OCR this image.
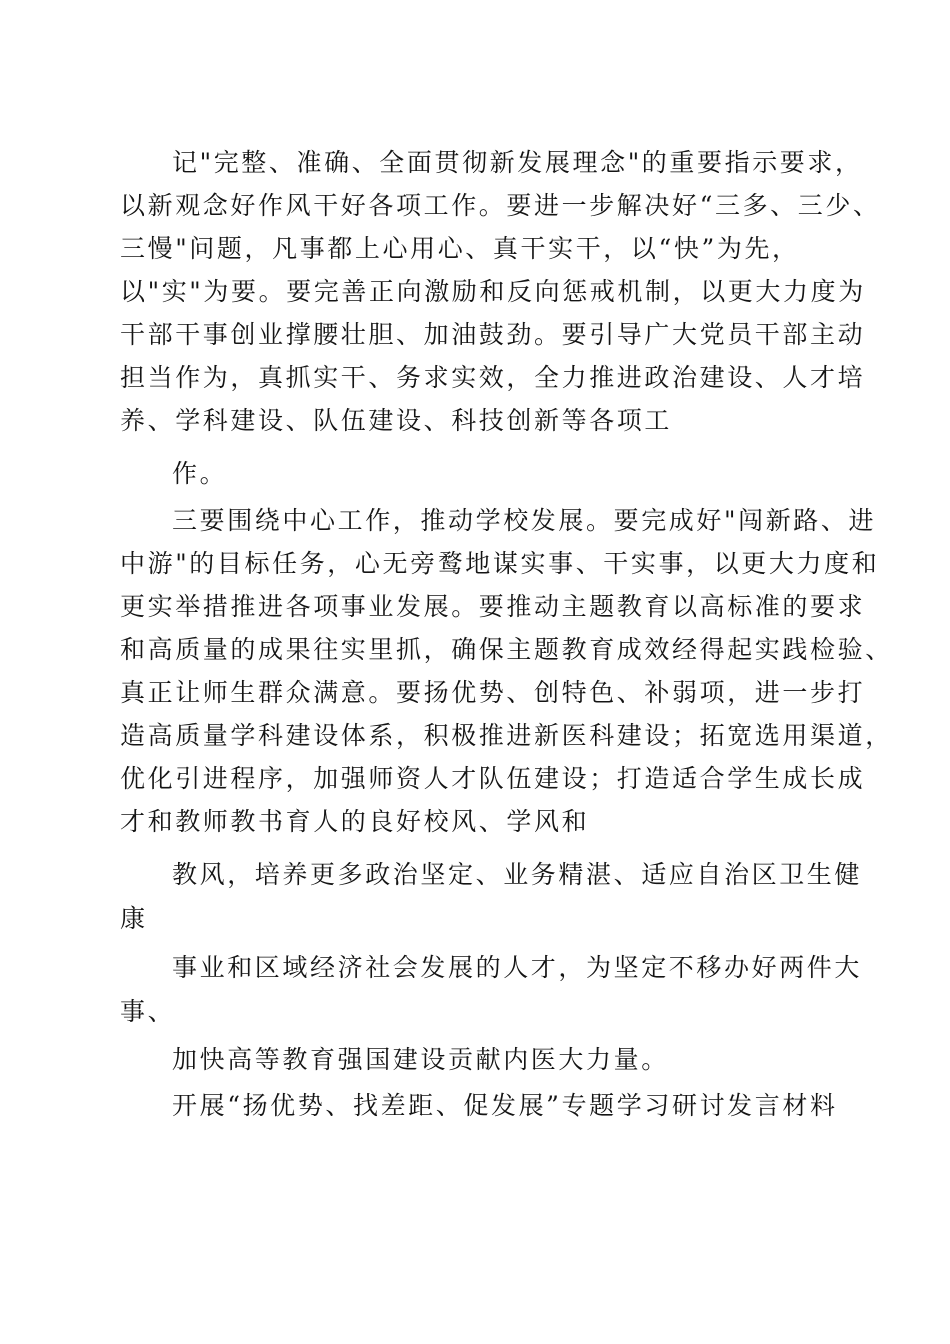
记"完整、准确、全面贯彻新发展理念"的重要指示要求，
以新观念好作风干好各项工作。要进一步解决好“三多、三少、
三慢"问题，凡事都上心用心、真干实干，以“快”为先，
以"实"为要。要完善正向激励和反向惩戒机制，以更大力度为
干部干事创业撑腰壮胆、加油鼓劲。要引导广大党员干部主动
担当作为，真抓实干、务求实效，全力推进政治建设、人才培
养、学科建设、队伍建设、科技创新等各项工
作。
三要围绕中心工作，推动学校发展。要完成好"闯新路、进
中游"的目标任务，心无旁鹜地谋实事、干实事，以更大力度和
更实举措推进各项事业发展。要推动主题教育以高标准的要求
和高质量的成果往实里抓，确保主题教育成效经得起实践检验、
真正让师生群众满意。要扬优势、创特色、补弱项，进一步打
造高质量学科建设体系，积极推进新医科建设；拓宽选用渠道，
优化引进程序，加强师资人才队伍建设；打造适合学生成长成
才和教师教书育人的良好校风、学风和
教风，培养更多政治坚定、业务精湛、适应自治区卫生健
康
事业和区域经济社会发展的人才，为坚定不移办好两件大
事、
加快高等教育强国建设贡献内医大力量。
开展“扬优势、找差距、促发展”专题学习研讨发言材料
